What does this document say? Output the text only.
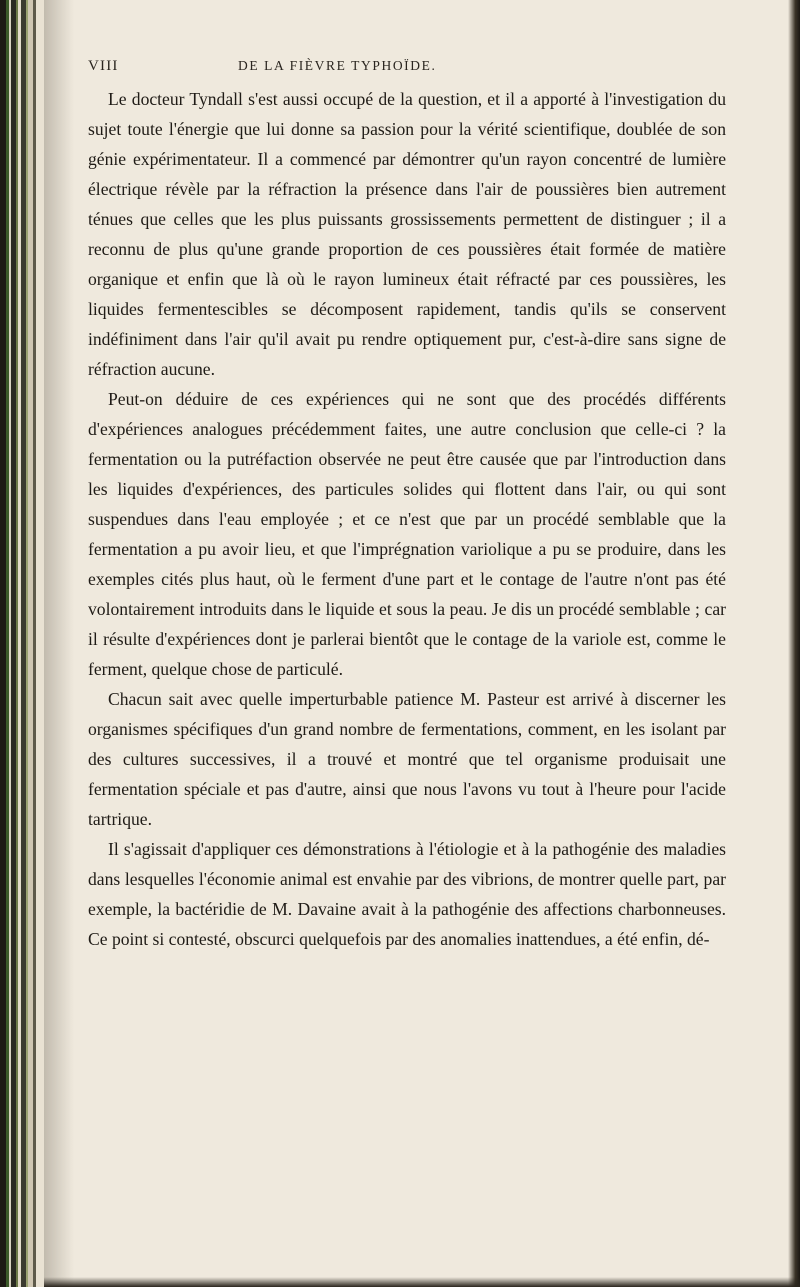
VIII	DE LA FIÈVRE TYPHOÏDE.

Le docteur Tyndall s'est aussi occupé de la question, et il a apporté à l'investigation du sujet toute l'énergie que lui donne sa passion pour la vérité scientifique, doublée de son génie expérimentateur. Il a commencé par démontrer qu'un rayon concentré de lumière électrique révèle par la réfraction la présence dans l'air de poussières bien autrement ténues que celles que les plus puissants grossissements permettent de distinguer ; il a reconnu de plus qu'une grande proportion de ces poussières était formée de matière organique et enfin que là où le rayon lumineux était réfracté par ces poussières, les liquides fermentescibles se décomposent rapidement, tandis qu'ils se conservent indéfiniment dans l'air qu'il avait pu rendre optiquement pur, c'est-à-dire sans signe de réfraction aucune.

Peut-on déduire de ces expériences qui ne sont que des procédés différents d'expériences analogues précédemment faites, une autre conclusion que celle-ci ? la fermentation ou la putréfaction observée ne peut être causée que par l'introduction dans les liquides d'expériences, des particules solides qui flottent dans l'air, ou qui sont suspendues dans l'eau employée ; et ce n'est que par un procédé semblable que la fermentation a pu avoir lieu, et que l'imprégnation variolique a pu se produire, dans les exemples cités plus haut, où le ferment d'une part et le contage de l'autre n'ont pas été volontairement introduits dans le liquide et sous la peau. Je dis un procédé semblable ; car il résulte d'expériences dont je parlerai bientôt que le contage de la variole est, comme le ferment, quelque chose de particulé.

Chacun sait avec quelle imperturbable patience M. Pasteur est arrivé à discerner les organismes spécifiques d'un grand nombre de fermentations, comment, en les isolant par des cultures successives, il a trouvé et montré que tel organisme produisait une fermentation spéciale et pas d'autre, ainsi que nous l'avons vu tout à l'heure pour l'acide tartrique.

Il s'agissait d'appliquer ces démonstrations à l'étiologie et à la pathogénie des maladies dans lesquelles l'économie animal est envahie par des vibrions, de montrer quelle part, par exemple, la bactéridie de M. Davaine avait à la pathogénie des affections charbonneuses. Ce point si contesté, obscurci quelquefois par des anomalies inattendues, a été enfin, dé-
